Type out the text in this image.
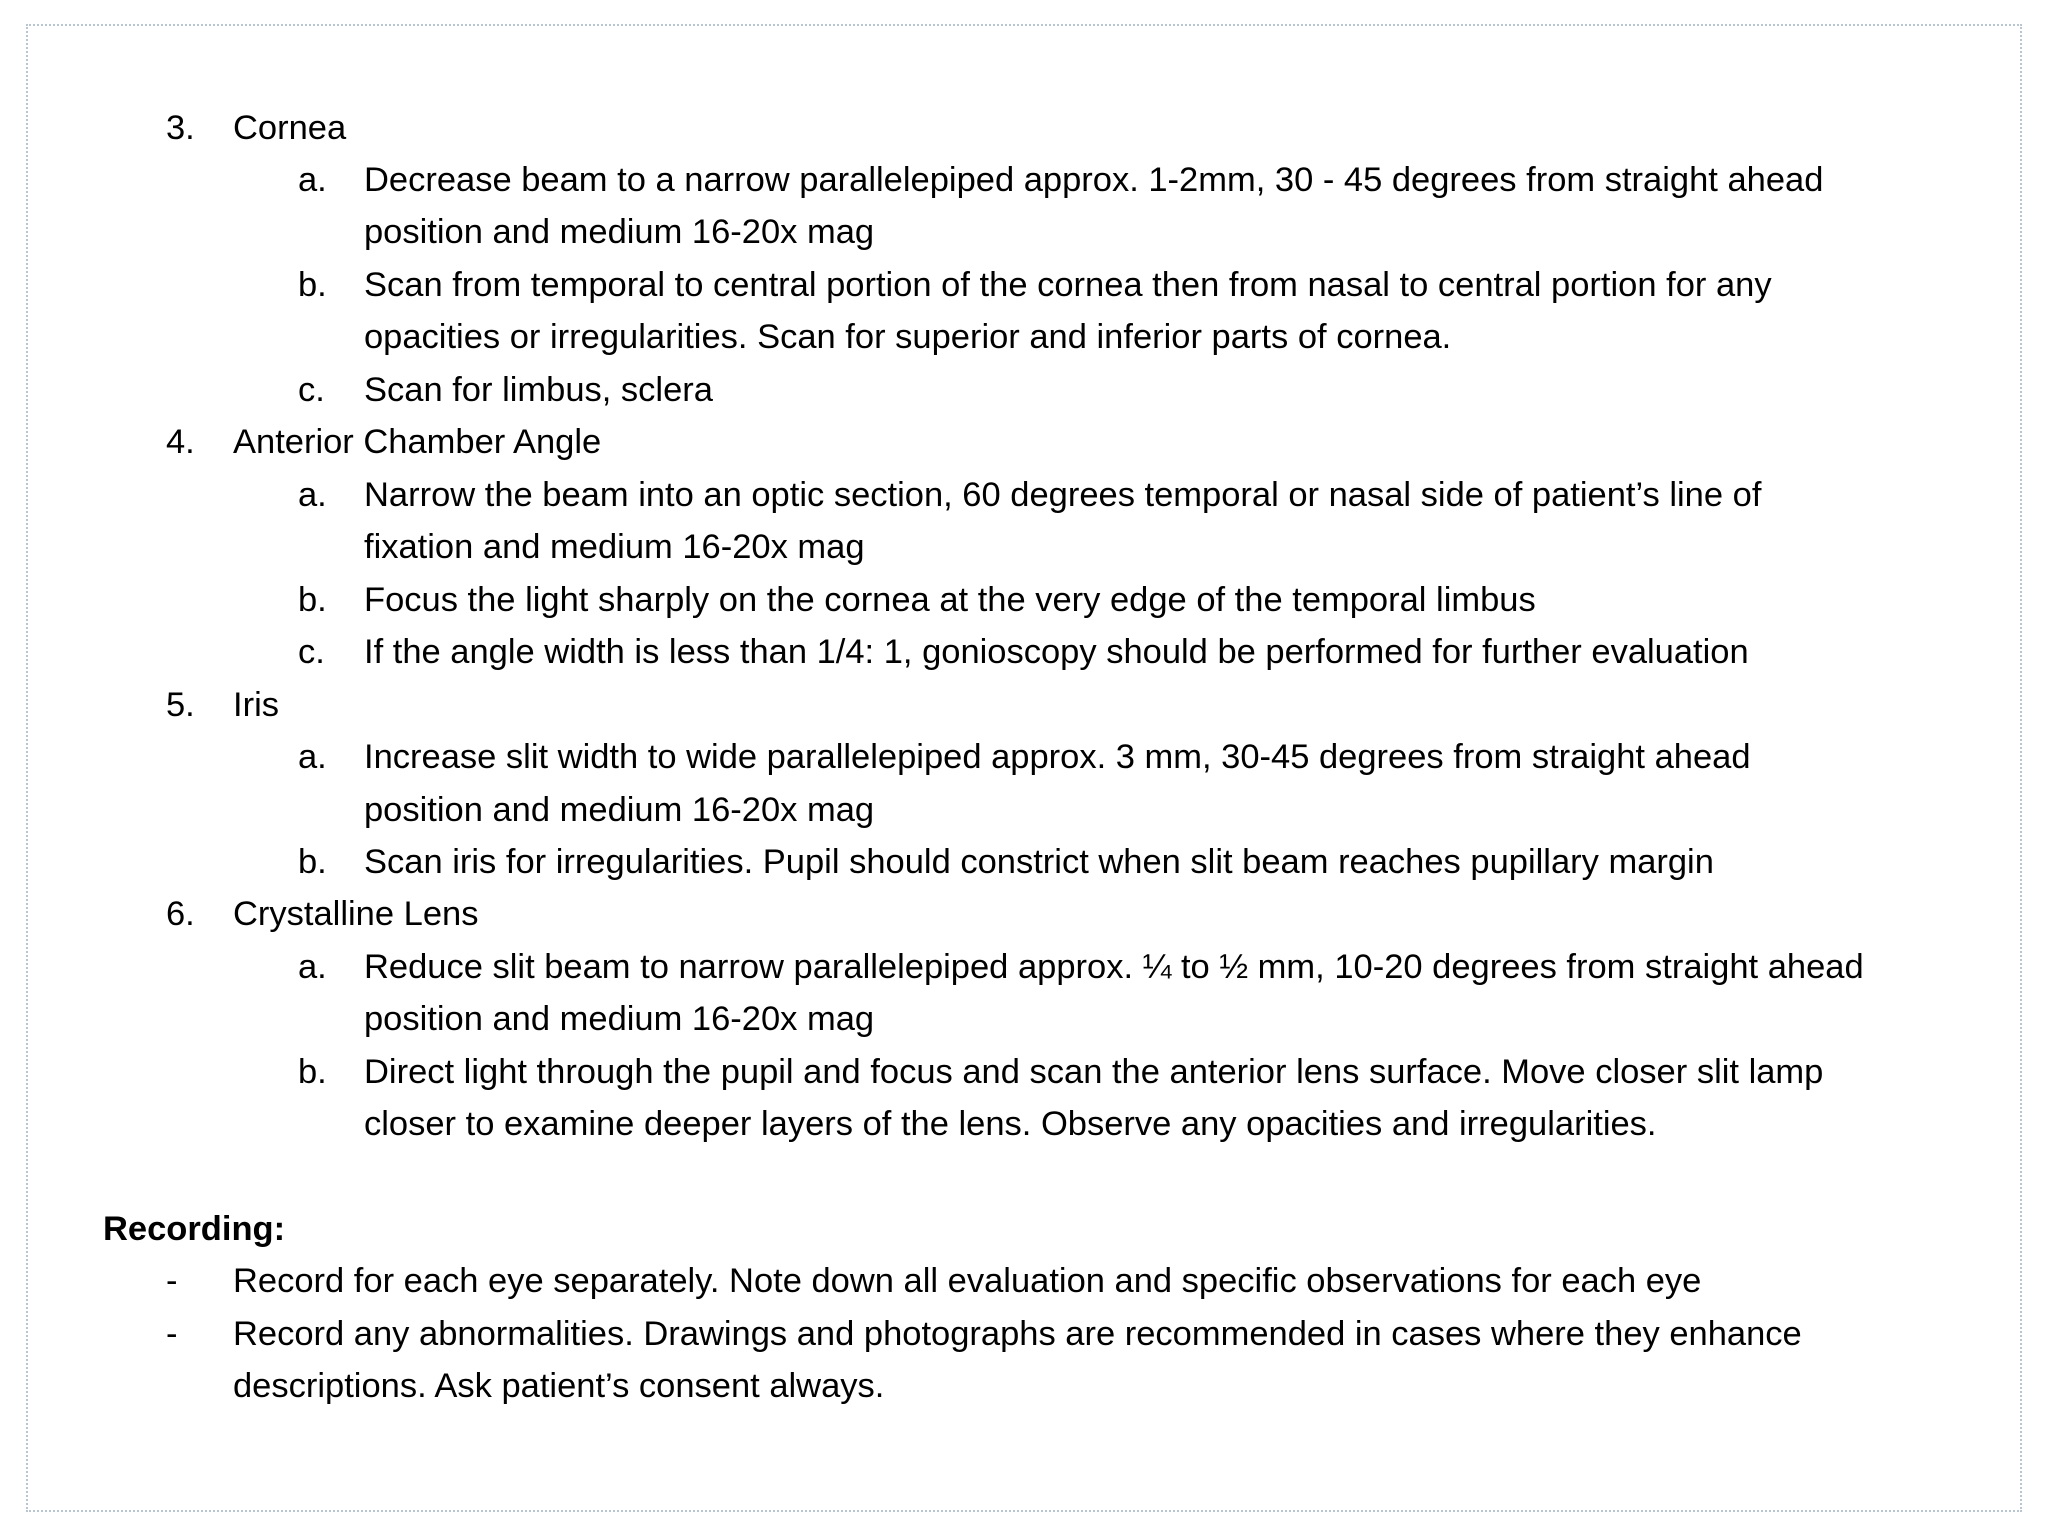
3. Cornea
a. Decrease beam to a narrow parallelepiped approx. 1-2mm, 30 - 45 degrees from straight ahead
position and medium 16-20x mag
b. Scan from temporal to central portion of the cornea then from nasal to central portion for any
opacities or irregularities. Scan for superior and inferior parts of cornea.
c. Scan for limbus, sclera
4. Anterior Chamber Angle
a. Narrow the beam into an optic section, 60 degrees temporal or nasal side of patient’s line of
fixation and medium 16-20x mag
b. Focus the light sharply on the cornea at the very edge of the temporal limbus
c. If the angle width is less than 1/4: 1, gonioscopy should be performed for further evaluation
5. Iris
a. Increase slit width to wide parallelepiped approx. 3 mm, 30-45 degrees from straight ahead
position and medium 16-20x mag
b. Scan iris for irregularities. Pupil should constrict when slit beam reaches pupillary margin
6. Crystalline Lens
a. Reduce slit beam to narrow parallelepiped approx. ¼ to ½ mm, 10-20 degrees from straight ahead
position and medium 16-20x mag
b. Direct light through the pupil and focus and scan the anterior lens surface. Move closer slit lamp
closer to examine deeper layers of the lens. Observe any opacities and irregularities.
Recording:
- Record for each eye separately. Note down all evaluation and specific observations for each eye
- Record any abnormalities. Drawings and photographs are recommended in cases where they enhance
descriptions. Ask patient’s consent always.
